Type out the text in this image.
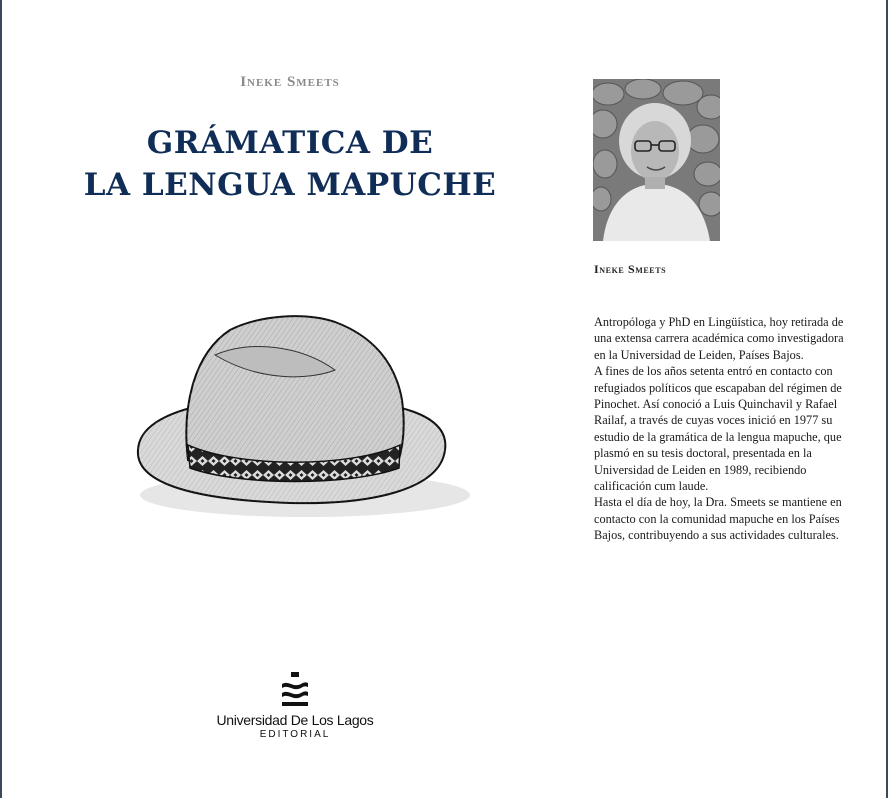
Ineke Smeets
GRÁMATICA DE
LA LENGUA MAPUCHE
Universidad De Los Lagos
EDITORIAL
Ineke Smeets

Antropóloga y PhD en Lingüística, hoy retirada de una extensa carrera académica como investigadora en la Universidad de Leiden, Países Bajos.

A fines de los años setenta entró en contacto con refugiados políticos que escapaban del régimen de Pinochet. Así conoció a Luis Quinchavil y Rafael Railaf, a través de cuyas voces inició en 1977 su estudio de la gramática de la lengua mapuche, que plasmó en su tesis doctoral, presentada en la Universidad de Leiden en 1989, recibiendo calificación cum laude.

Hasta el día de hoy, la Dra. Smeets se mantiene en contacto con la comunidad mapuche en los Países Bajos, contribuyendo a sus actividades culturales.
